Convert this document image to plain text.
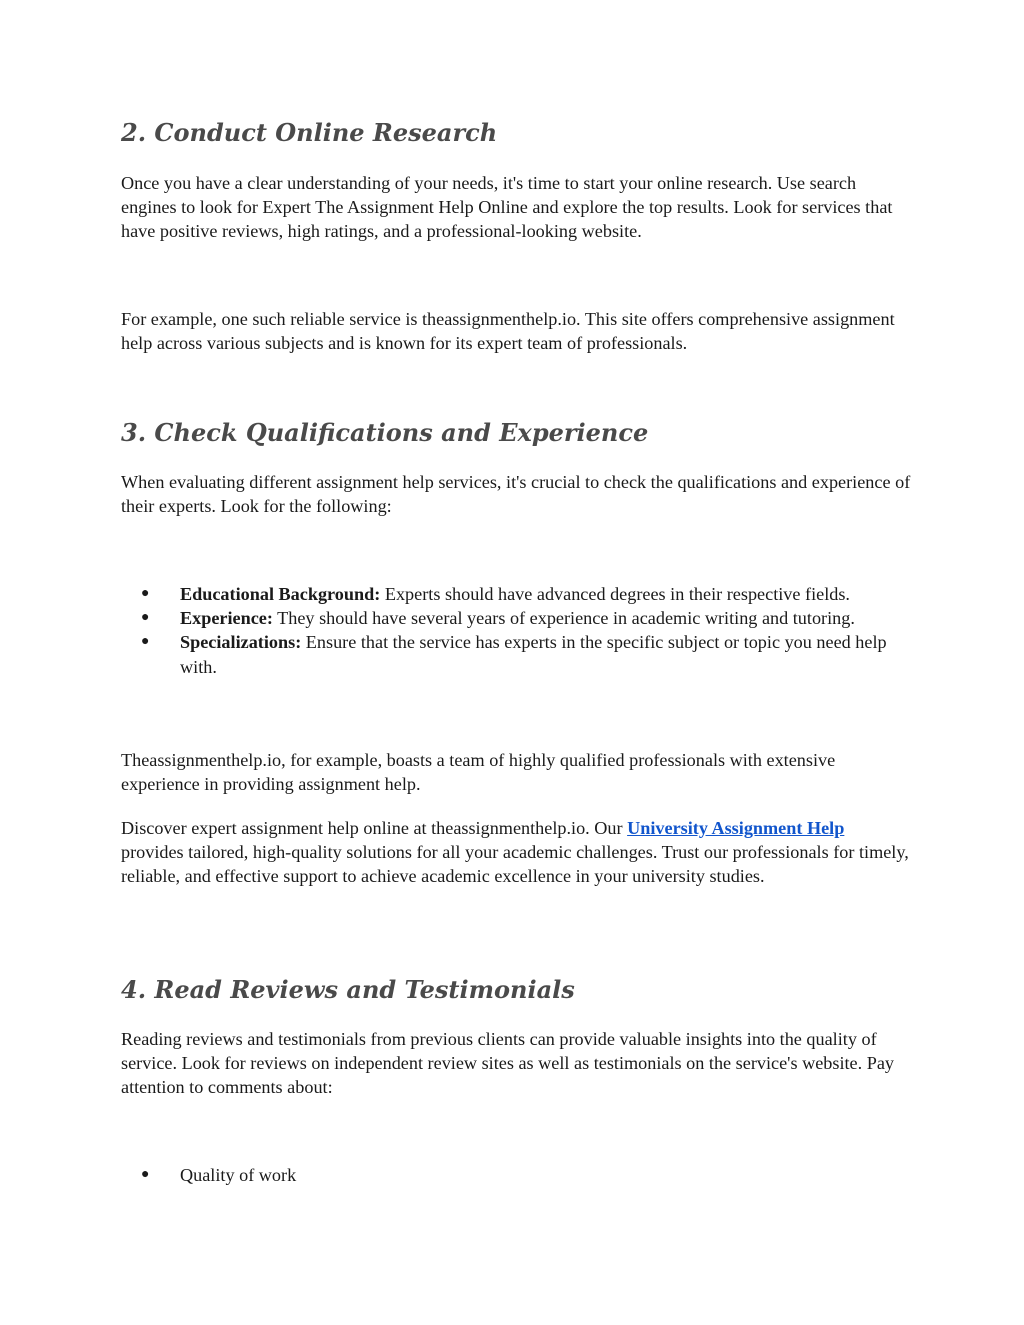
2. Conduct Online Research

Once you have a clear understanding of your needs, it's time to start your online research. Use search engines to look for Expert The Assignment Help Online and explore the top results. Look for services that have positive reviews, high ratings, and a professional-looking website.

For example, one such reliable service is theassignmenthelp.io. This site offers comprehensive assignment help across various subjects and is known for its expert team of professionals.

3. Check Qualifications and Experience

When evaluating different assignment help services, it's crucial to check the qualifications and experience of their experts. Look for the following:

● Educational Background: Experts should have advanced degrees in their respective fields.
● Experience: They should have several years of experience in academic writing and tutoring.
● Specializations: Ensure that the service has experts in the specific subject or topic you need help with.

Theassignmenthelp.io, for example, boasts a team of highly qualified professionals with extensive experience in providing assignment help.

Discover expert assignment help online at theassignmenthelp.io. Our University Assignment Help provides tailored, high-quality solutions for all your academic challenges. Trust our professionals for timely, reliable, and effective support to achieve academic excellence in your university studies.

4. Read Reviews and Testimonials

Reading reviews and testimonials from previous clients can provide valuable insights into the quality of service. Look for reviews on independent review sites as well as testimonials on the service's website. Pay attention to comments about:

● Quality of work
